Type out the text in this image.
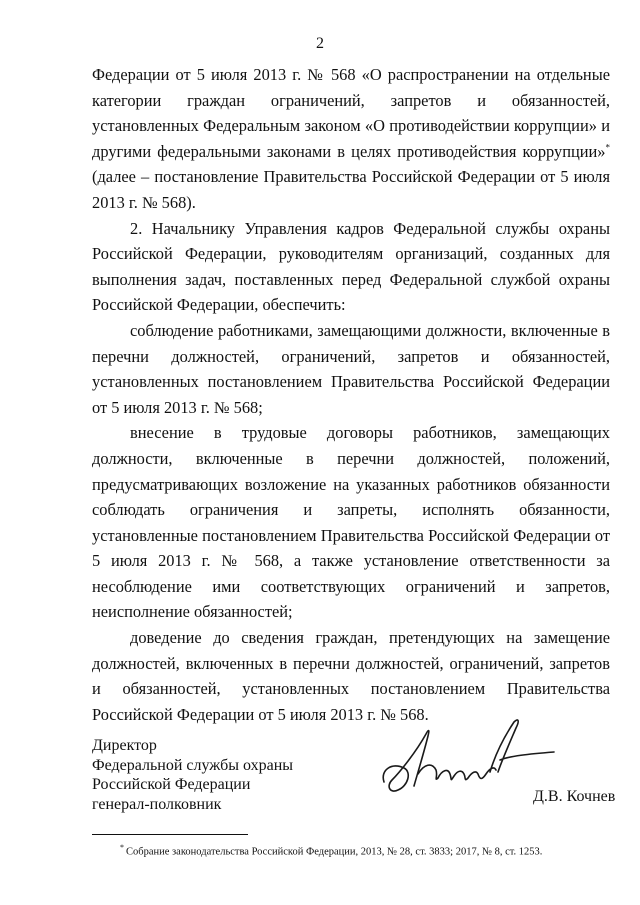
2

Федерации от 5 июля 2013 г. № 568 «О распространении на отдельные категории граждан ограничений, запретов и обязанностей, установленных Федеральным законом «О противодействии коррупции» и другими федеральными законами в целях противодействия коррупции»* (далее – постановление Правительства Российской Федерации от 5 июля 2013 г. № 568).

2. Начальнику Управления кадров Федеральной службы охраны Российской Федерации, руководителям организаций, созданных для выполнения задач, поставленных перед Федеральной службой охраны Российской Федерации, обеспечить:

соблюдение работниками, замещающими должности, включенные в перечни должностей, ограничений, запретов и обязанностей, установленных постановлением Правительства Российской Федерации от 5 июля 2013 г. № 568;

внесение в трудовые договоры работников, замещающих должности, включенные в перечни должностей, положений, предусматривающих возложение на указанных работников обязанности соблюдать ограничения и запреты, исполнять обязанности, установленные постановлением Правительства Российской Федерации от 5 июля 2013 г. № 568, а также установление ответственности за несоблюдение ими соответствующих ограничений и запретов, неисполнение обязанностей;

доведение до сведения граждан, претендующих на замещение должностей, включенных в перечни должностей, ограничений, запретов и обязанностей, установленных постановлением Правительства Российской Федерации от 5 июля 2013 г. № 568.

Директор
Федеральной службы охраны
Российской Федерации
генерал-полковник	Д.В. Кочнев
* Собрание законодательства Российской Федерации, 2013, № 28, ст. 3833; 2017, № 8, ст. 1253.
